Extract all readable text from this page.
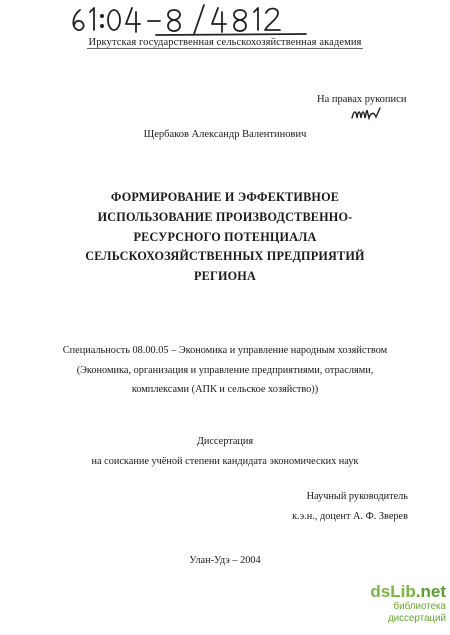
Иркутская государственная сельскохозяйственная академия
На правах рукописи
Щербаков Александр Валентинович
ФОРМИРОВАНИЕ И ЭФФЕКТИВНОЕ
ИСПОЛЬЗОВАНИЕ ПРОИЗВОДСТВЕННО-
РЕСУРСНОГО ПОТЕНЦИАЛА
СЕЛЬСКОХОЗЯЙСТВЕННЫХ ПРЕДПРИЯТИЙ
РЕГИОНА
Специальность 08.00.05 – Экономика и управление народным хозяйством
(Экономика, организация и управление предприятиями, отраслями,
комплексами (АПК и сельское хозяйство))
Диссертация
на соискание учёной степени кандидата экономических наук
Научный руководитель
к.э.н., доцент А. Ф. Зверев
Улан-Удэ – 2004
dsLib.net
библиотека диссертаций
